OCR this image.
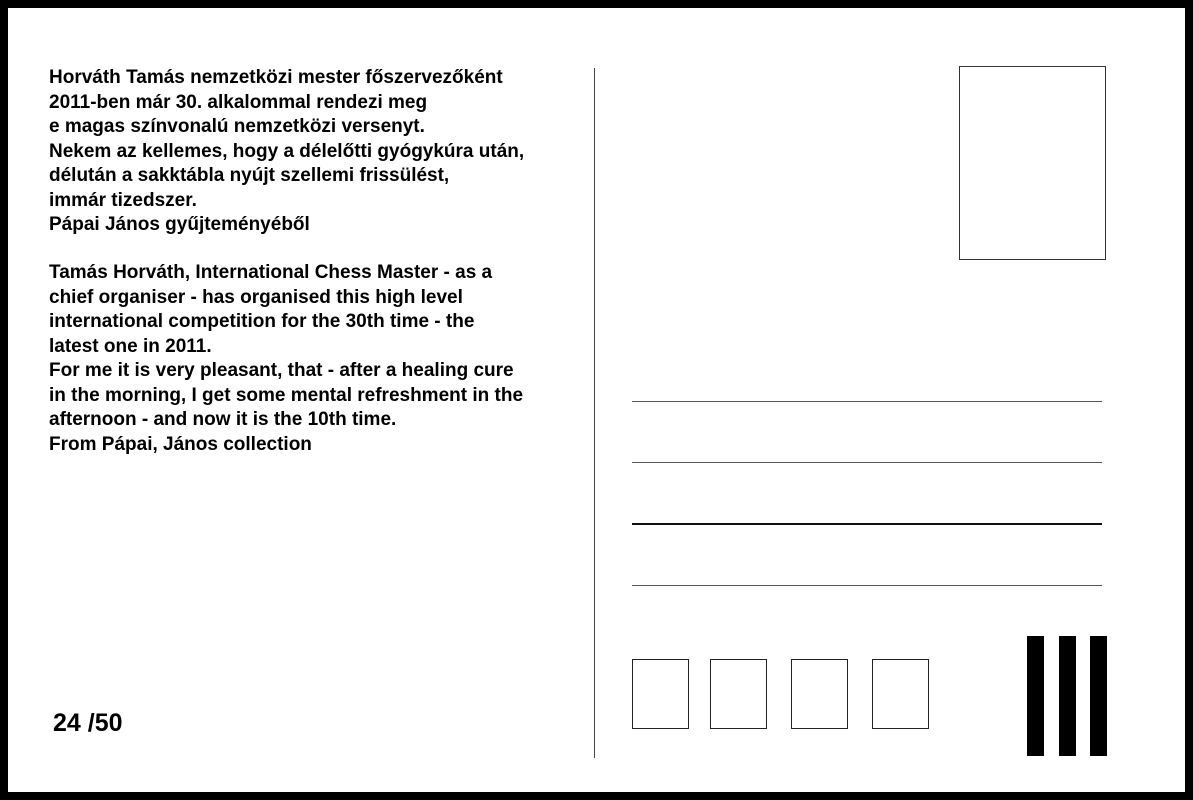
Horváth Tamás nemzetközi mester főszervezőként
2011-ben már 30. alkalommal rendezi meg
e magas színvonalú nemzetközi versenyt.
Nekem az kellemes, hogy a délelőtti gyógykúra után,
délután a sakktábla nyújt szellemi frissülést,
immár tizedszer.
Pápai János gyűjteményéből
Tamás Horváth, International Chess Master - as a
chief organiser - has organised this high level
international competition for the 30th time - the
latest one in 2011.
For me it is very pleasant, that - after a healing cure
in the morning, I get some mental refreshment in the
afternoon - and now it is the 10th time.
From Pápai, János collection
24 /50
